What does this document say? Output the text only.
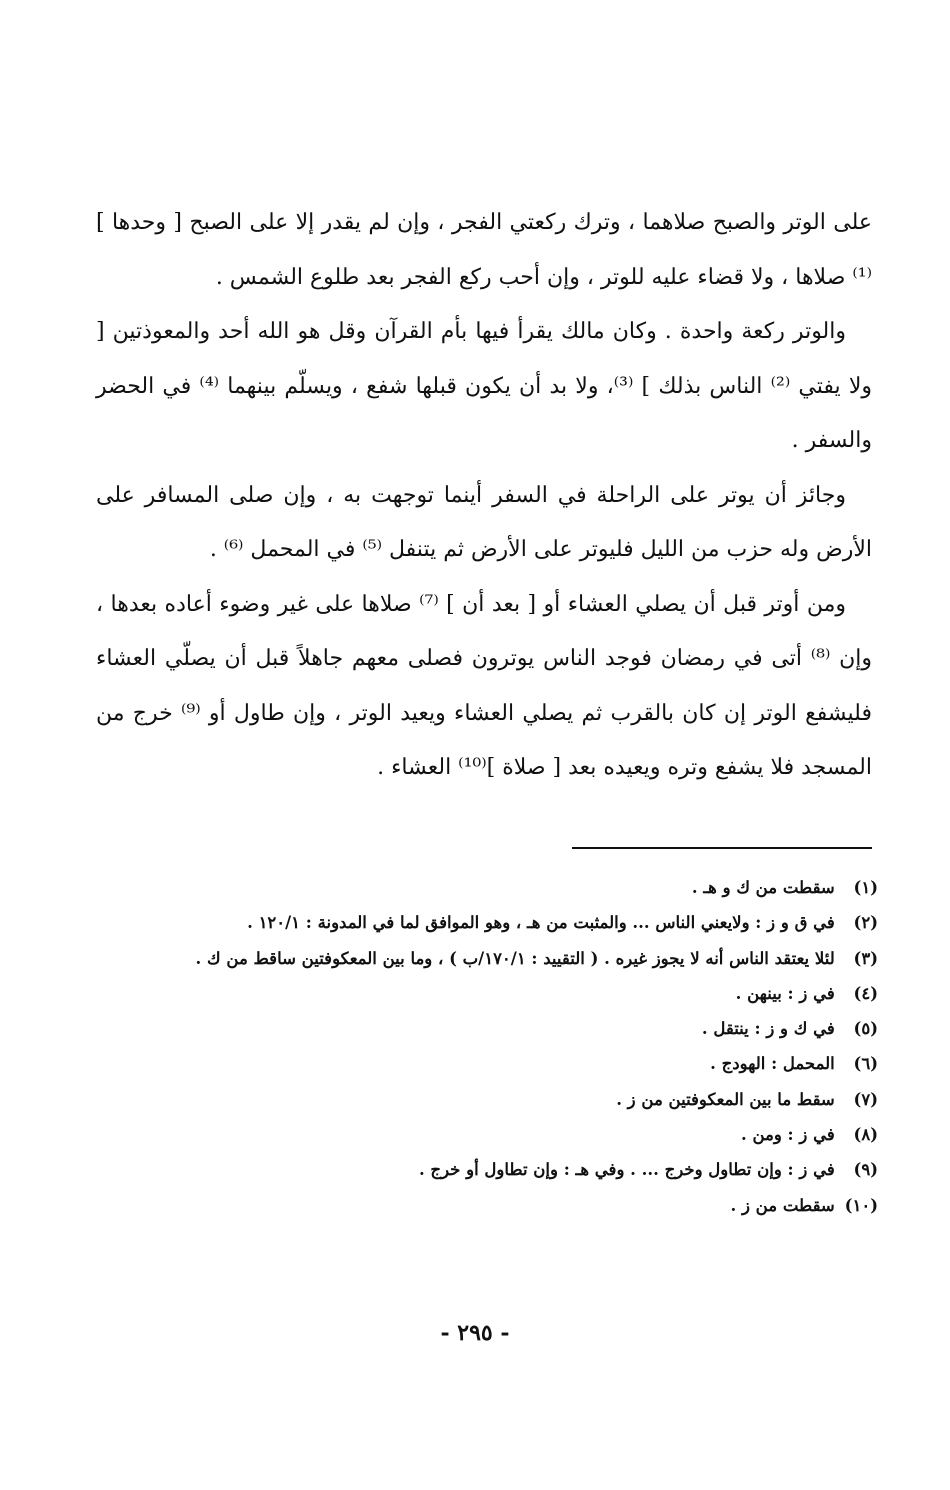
على الوتر والصبح صلاهما ، وترك ركعتي الفجر ، وإن لم يقدر إلا على الصبح [ وحدها ] ⁽¹⁾ صلاها ، ولا قضاء عليه للوتر ، وإن أحب ركع الفجر بعد طلوع الشمس .

والوتر ركعة واحدة . وكان مالك يقرأ فيها بأم القرآن وقل هو الله أحد والمعوذتين [ ولا يفتي ⁽²⁾ الناس بذلك ] ⁽³⁾، ولا بد أن يكون قبلها شفع ، ويسلّم بينهما ⁽⁴⁾ في الحضر والسفر .

وجائز أن يوتر على الراحلة في السفر أينما توجهت به ، وإن صلى المسافر على الأرض وله حزب من الليل فليوتر على الأرض ثم يتنفل ⁽⁵⁾ في المحمل ⁽⁶⁾ .

ومن أوتر قبل أن يصلي العشاء أو [ بعد أن ] ⁽⁷⁾ صلاها على غير وضوء أعاده بعدها ، وإن ⁽⁸⁾ أتى في رمضان فوجد الناس يوترون فصلى معهم جاهلاً قبل أن يصلّي العشاء فليشفع الوتر إن كان بالقرب ثم يصلي العشاء ويعيد الوتر ، وإن طاول أو ⁽⁹⁾ خرج من المسجد فلا يشفع وتره ويعيده بعد [ صلاة ]⁽¹⁰⁾ العشاء .

(١) سقطت من ك و هـ .
(٢) في ق و ز : ولايعني الناس ... والمثبت من هـ ، وهو الموافق لما في المدونة : ١٢٠/١ .
(٣) لئلا يعتقد الناس أنه لا يجوز غيره . ( التقييد : ١٧٠/١/ب ) ، وما بين المعكوفتين ساقط من ك .
(٤) في ز : بينهن .
(٥) في ك و ز : ينتقل .
(٦) المحمل : الهودج .
(٧) سقط ما بين المعكوفتين من ز .
(٨) في ز : ومن .
(٩) في ز : وإن تطاول وخرج ... . وفي هـ : وإن تطاول أو خرج .
(١٠) سقطت من ز .
- ٢٩٥ -
